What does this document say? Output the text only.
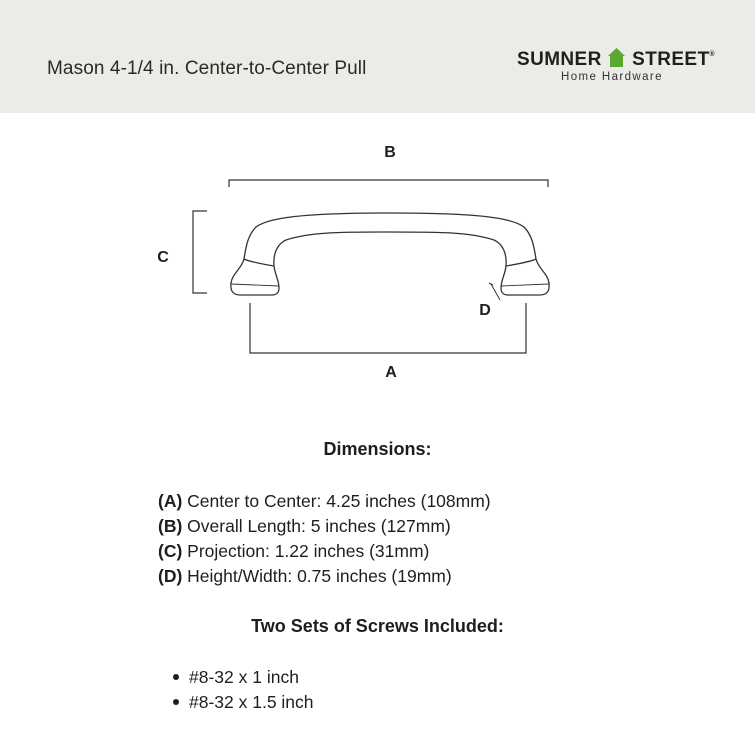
Mason 4-1/4 in. Center-to-Center Pull	SUMNER STREET®
Home Hardware
B
C
D
A
Dimensions:
(A) Center to Center: 4.25 inches (108mm)
(B) Overall Length: 5 inches (127mm)
(C) Projection: 1.22 inches (31mm)
(D) Height/Width: 0.75 inches (19mm)
Two Sets of Screws Included:
#8-32 x 1 inch
#8-32 x 1.5 inch
